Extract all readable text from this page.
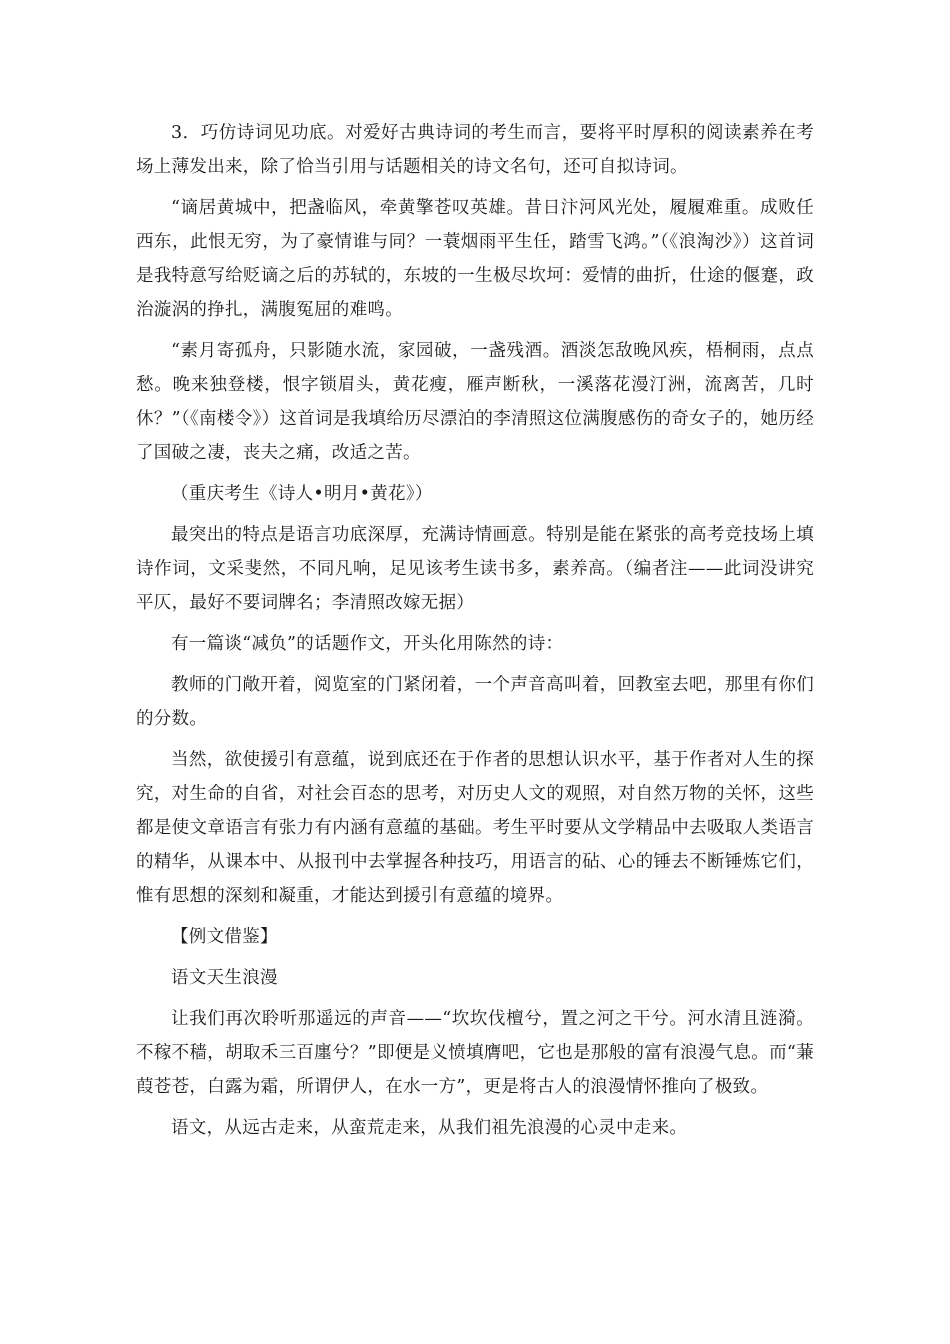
3．巧仿诗词见功底。对爱好古典诗词的考生而言，要将平时厚积的阅读素养在考场上薄发出来，除了恰当引用与话题相关的诗文名句，还可自拟诗词。

“谪居黄城中，把盏临风，牵黄擎苍叹英雄。昔日汴河风光处，履履难重。成败任西东，此恨无穷，为了豪情谁与同？一蓑烟雨平生任，踏雪飞鸿。”（《浪淘沙》）这首词是我特意写给贬谪之后的苏轼的，东坡的一生极尽坎坷：爱情的曲折，仕途的偃蹇，政治漩涡的挣扎，满腹冤屈的难鸣。

“素月寄孤舟，只影随水流，家园破，一盏残酒。酒淡怎敌晚风疾，梧桐雨，点点愁。晚来独登楼，恨字锁眉头，黄花瘦，雁声断秋，一溪落花漫汀洲，流离苦，几时休？”（《南楼令》）这首词是我填给历尽漂泊的李清照这位满腹感伤的奇女子的，她历经了国破之凄，丧夫之痛，改适之苦。

（重庆考生《诗人•明月•黄花》）

最突出的特点是语言功底深厚，充满诗情画意。特别是能在紧张的高考竞技场上填诗作词，文采斐然，不同凡响，足见该考生读书多，素养高。（编者注——此词没讲究平仄，最好不要词牌名；李清照改嫁无据）

有一篇谈“减负”的话题作文，开头化用陈然的诗：

教师的门敞开着，阅览室的门紧闭着，一个声音高叫着，回教室去吧，那里有你们的分数。

当然，欲使援引有意蕴，说到底还在于作者的思想认识水平，基于作者对人生的探究，对生命的自省，对社会百态的思考，对历史人文的观照，对自然万物的关怀，这些都是使文章语言有张力有内涵有意蕴的基础。考生平时要从文学精品中去吸取人类语言的精华，从课本中、从报刊中去掌握各种技巧，用语言的砧、心的锤去不断锤炼它们，惟有思想的深刻和凝重，才能达到援引有意蕴的境界。

【例文借鉴】

语文天生浪漫

让我们再次聆听那遥远的声音——“坎坎伐檀兮，置之河之干兮。河水清且涟漪。不稼不穑，胡取禾三百廛兮？”即便是义愤填膺吧，它也是那般的富有浪漫气息。而“蒹葭苍苍，白露为霜，所谓伊人，在水一方”，更是将古人的浪漫情怀推向了极致。

语文，从远古走来，从蛮荒走来，从我们祖先浪漫的心灵中走来。
